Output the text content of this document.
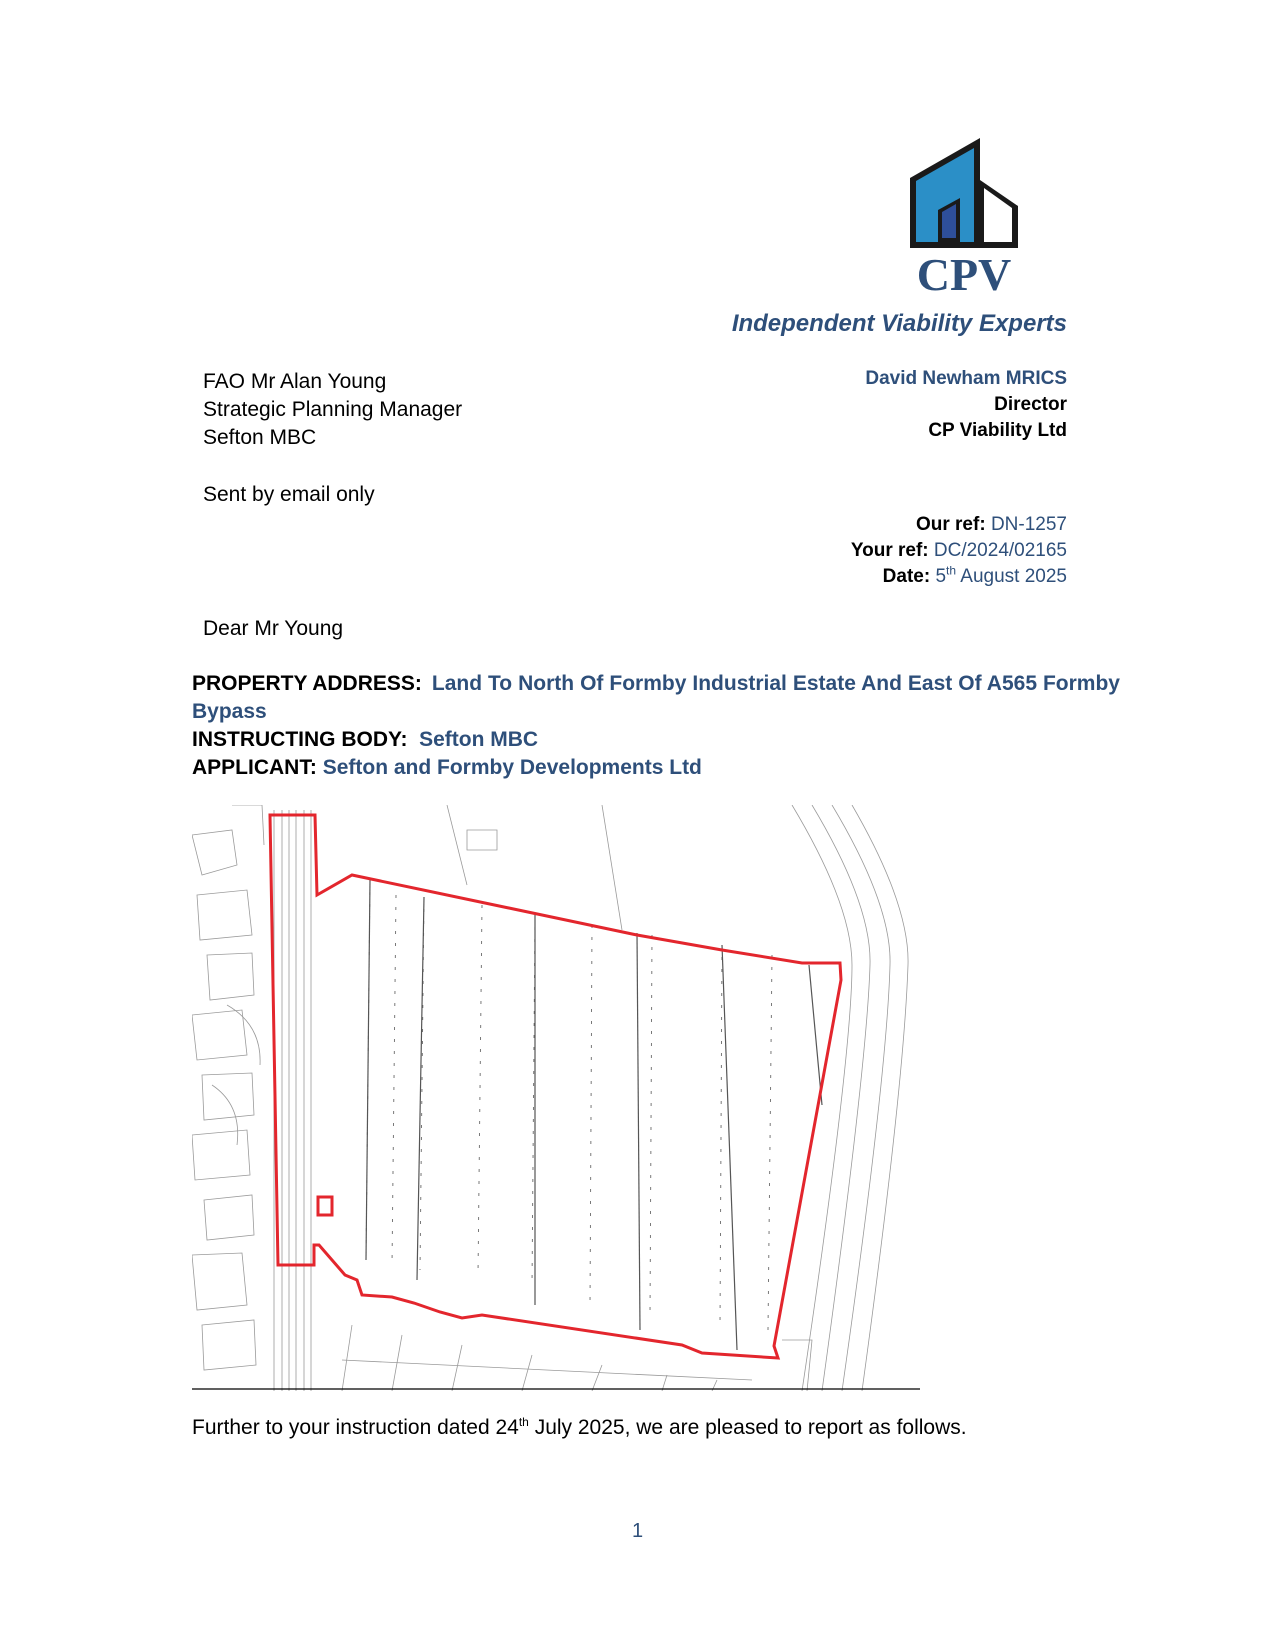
CPV
Independent Viability Experts
FAO Mr Alan Young
Strategic Planning Manager
Sefton MBC
David Newham MRICS
Director
CP Viability Ltd
Sent by email only
Our ref: DN-1257
Your ref: DC/2024/02165
Date: 5th August 2025
Dear Mr Young
PROPERTY ADDRESS: Land To North Of Formby Industrial Estate And East Of A565 Formby
Bypass
INSTRUCTING BODY: Sefton MBC
APPLICANT: Sefton and Formby Developments Ltd
Further to your instruction dated 24th July 2025, we are pleased to report as follows.
1
